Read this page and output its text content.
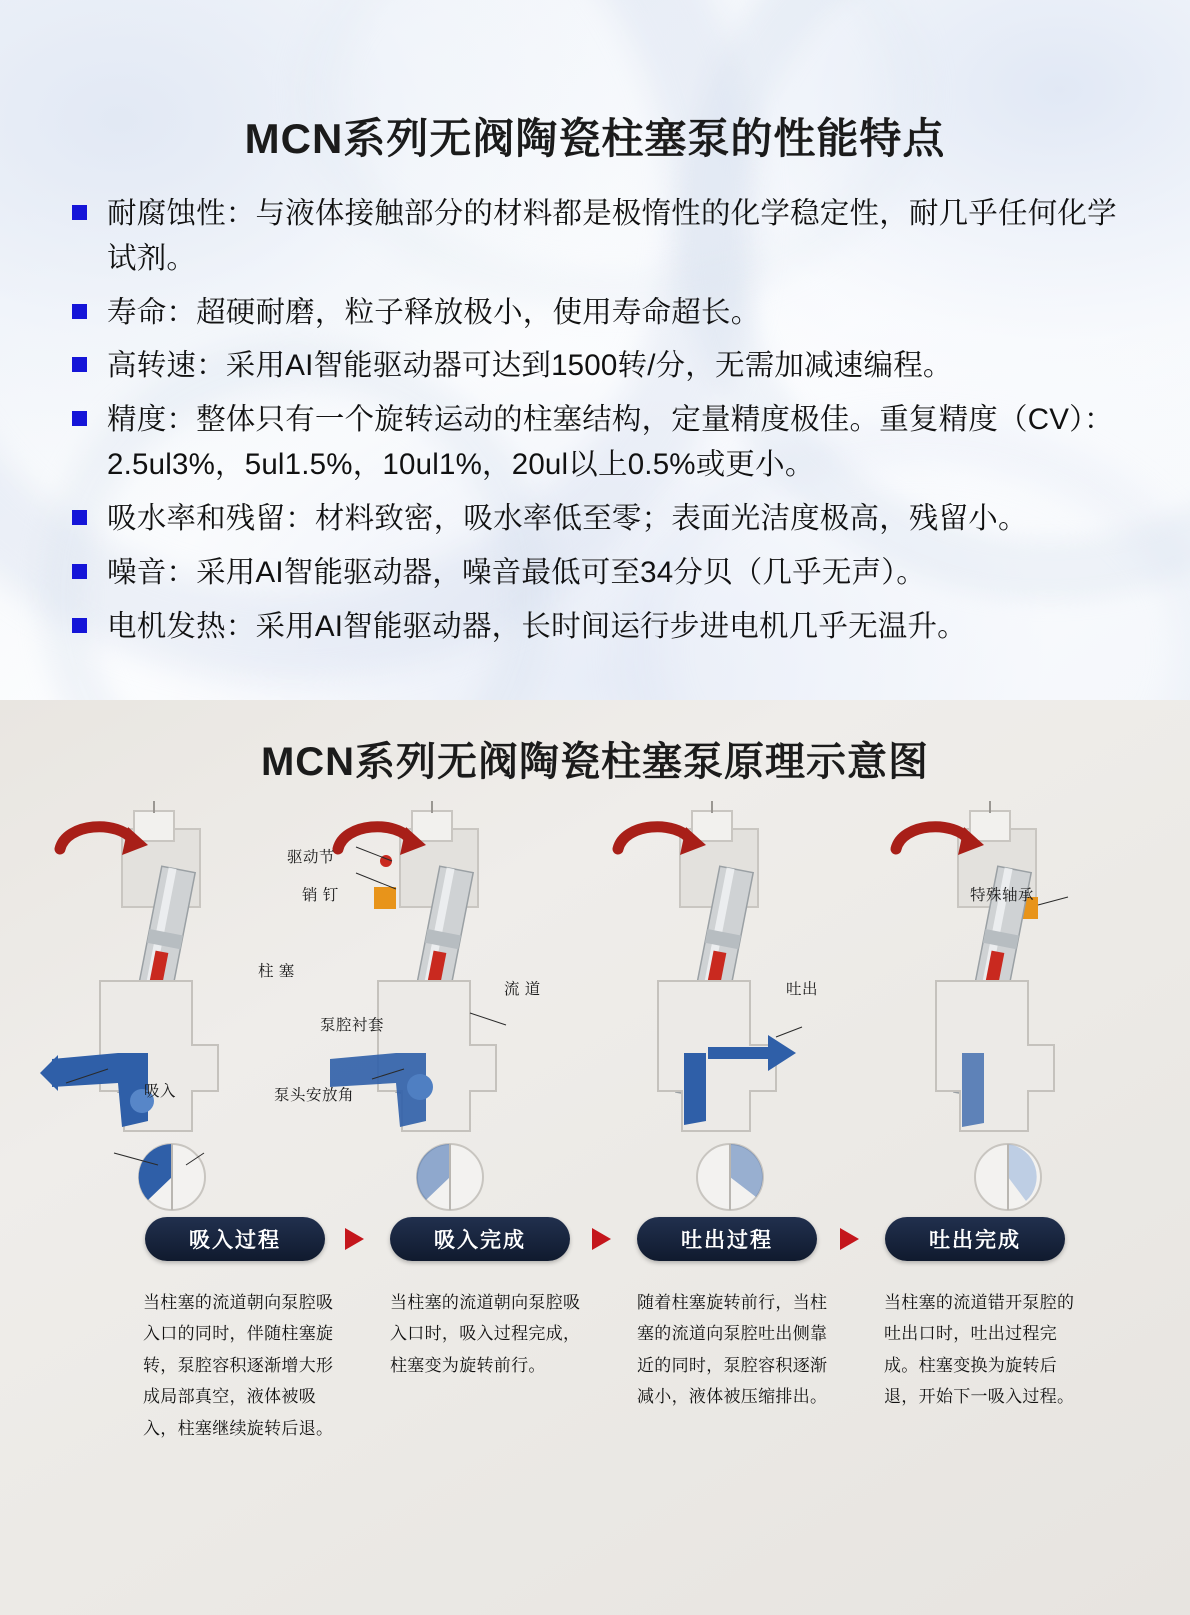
MCN系列无阀陶瓷柱塞泵的性能特点
耐腐蚀性：与液体接触部分的材料都是极惰性的化学稳定性，耐几乎任何化学试剂。
寿命：超硬耐磨，粒子释放极小，使用寿命超长。
高转速：采用AI智能驱动器可达到1500转/分，无需加减速编程。
精度：整体只有一个旋转运动的柱塞结构，定量精度极佳。重复精度（CV）：2.5ul3%，5ul1.5%，10ul1%，20ul以上0.5%或更小。
吸水率和残留：材料致密，吸水率低至零；表面光洁度极高，残留小。
噪音：采用AI智能驱动器，噪音最低可至34分贝（几乎无声）。
电机发热：采用AI智能驱动器，长时间运行步进电机几乎无温升。
MCN系列无阀陶瓷柱塞泵原理示意图
驱动节
销 钉
柱 塞
流 道
泵腔衬套
吸入	泵头安放角
吐出
特殊轴承
吸入过程	吸入完成	吐出过程	吐出完成
当柱塞的流道朝向泵腔吸入口的同时，伴随柱塞旋转，泵腔容积逐渐增大形成局部真空，液体被吸入，柱塞继续旋转后退。
当柱塞的流道朝向泵腔吸入口时，吸入过程完成，柱塞变为旋转前行。
随着柱塞旋转前行，当柱塞的流道向泵腔吐出侧靠近的同时，泵腔容积逐渐减小，液体被压缩排出。
当柱塞的流道错开泵腔的吐出口时，吐出过程完成。柱塞变换为旋转后退，开始下一吸入过程。
